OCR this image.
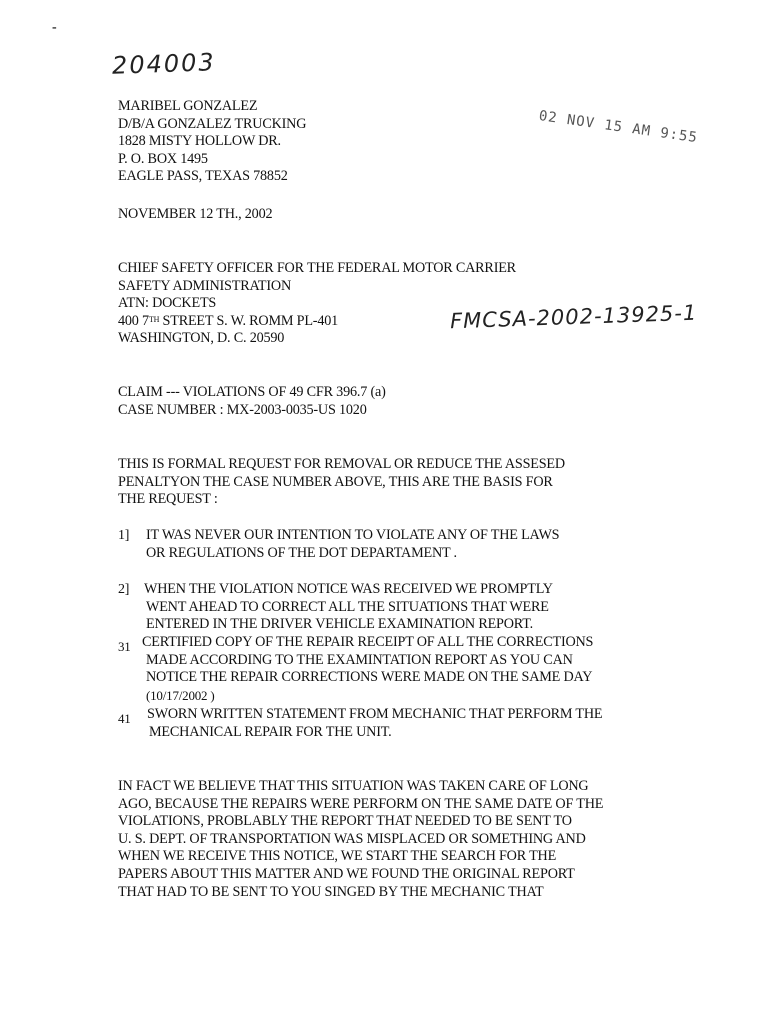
-
204003
02 NOV 15 AM 9:55
MARIBEL GONZALEZ
D/B/A GONZALEZ TRUCKING
1828 MISTY HOLLOW DR.
P. O. BOX 1495
EAGLE PASS, TEXAS 78852
NOVEMBER 12 TH., 2002
CHIEF SAFETY OFFICER FOR THE FEDERAL MOTOR CARRIER
SAFETY ADMINISTRATION
ATN: DOCKETS
400 7TH STREET S. W. ROMM PL-401
WASHINGTON, D. C. 20590
FMCSA-2002-13925-1
CLAIM --- VIOLATIONS OF 49 CFR 396.7 (a)
CASE NUMBER : MX-2003-0035-US 1020
THIS IS FORMAL REQUEST FOR REMOVAL OR REDUCE THE ASSESED
PENALTYON THE CASE NUMBER ABOVE, THIS ARE THE BASIS FOR
THE REQUEST :
1] IT WAS NEVER OUR INTENTION TO VIOLATE ANY OF THE LAWS
OR REGULATIONS OF THE DOT DEPARTAMENT .
2] WHEN THE VIOLATION NOTICE WAS RECEIVED WE PROMPTLY
WENT AHEAD TO CORRECT ALL THE SITUATIONS THAT WERE
ENTERED IN THE DRIVER VEHICLE EXAMINATION REPORT.
31 CERTIFIED COPY OF THE REPAIR RECEIPT OF ALL THE CORRECTIONS
MADE ACCORDING TO THE EXAMINTATION REPORT AS YOU CAN
NOTICE THE REPAIR CORRECTIONS WERE MADE ON THE SAME DAY
(10/17/2002 )
41 SWORN WRITTEN STATEMENT FROM MECHANIC THAT PERFORM THE
MECHANICAL REPAIR FOR THE UNIT.
IN FACT WE BELIEVE THAT THIS SITUATION WAS TAKEN CARE OF LONG
AGO, BECAUSE THE REPAIRS WERE PERFORM ON THE SAME DATE OF THE
VIOLATIONS, PROBLABLY THE REPORT THAT NEEDED TO BE SENT TO
U. S. DEPT. OF TRANSPORTATION WAS MISPLACED OR SOMETHING AND
WHEN WE RECEIVE THIS NOTICE, WE START THE SEARCH FOR THE
PAPERS ABOUT THIS MATTER AND WE FOUND THE ORIGINAL REPORT
THAT HAD TO BE SENT TO YOU SINGED BY THE MECHANIC THAT
